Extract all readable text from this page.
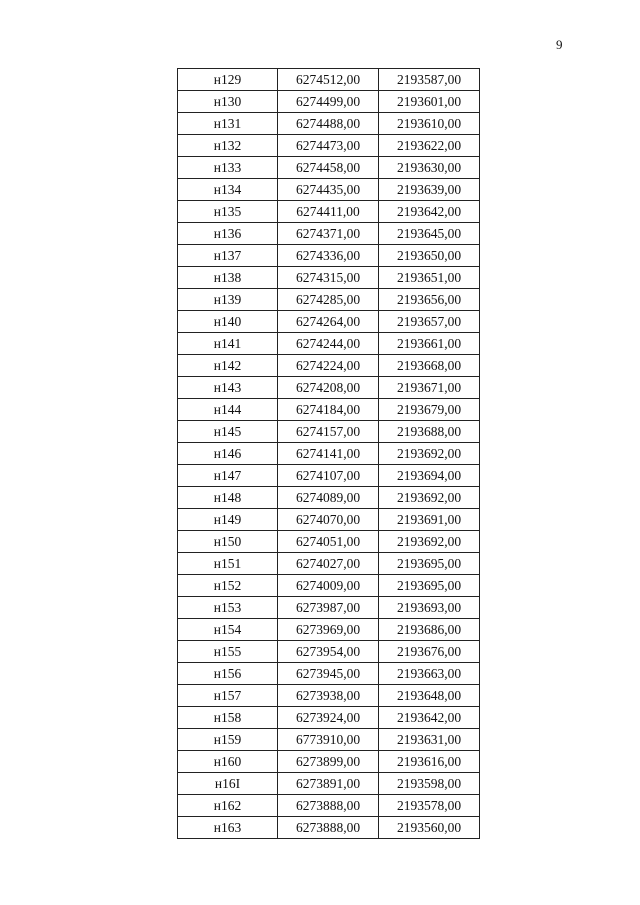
9
н129	6274512,00	2193587,00
н130	6274499,00	2193601,00
н131	6274488,00	2193610,00
н132	6274473,00	2193622,00
н133	6274458,00	2193630,00
н134	6274435,00	2193639,00
н135	6274411,00	2193642,00
н136	6274371,00	2193645,00
н137	6274336,00	2193650,00
н138	6274315,00	2193651,00
н139	6274285,00	2193656,00
н140	6274264,00	2193657,00
н141	6274244,00	2193661,00
н142	6274224,00	2193668,00
н143	6274208,00	2193671,00
н144	6274184,00	2193679,00
н145	6274157,00	2193688,00
н146	6274141,00	2193692,00
н147	6274107,00	2193694,00
н148	6274089,00	2193692,00
н149	6274070,00	2193691,00
н150	6274051,00	2193692,00
н151	6274027,00	2193695,00
н152	6274009,00	2193695,00
н153	6273987,00	2193693,00
н154	6273969,00	2193686,00
н155	6273954,00	2193676,00
н156	6273945,00	2193663,00
н157	6273938,00	2193648,00
н158	6273924,00	2193642,00
н159	6773910,00	2193631,00
н160	6273899,00	2193616,00
н16I	6273891,00	2193598,00
н162	6273888,00	2193578,00
н163	6273888,00	2193560,00
